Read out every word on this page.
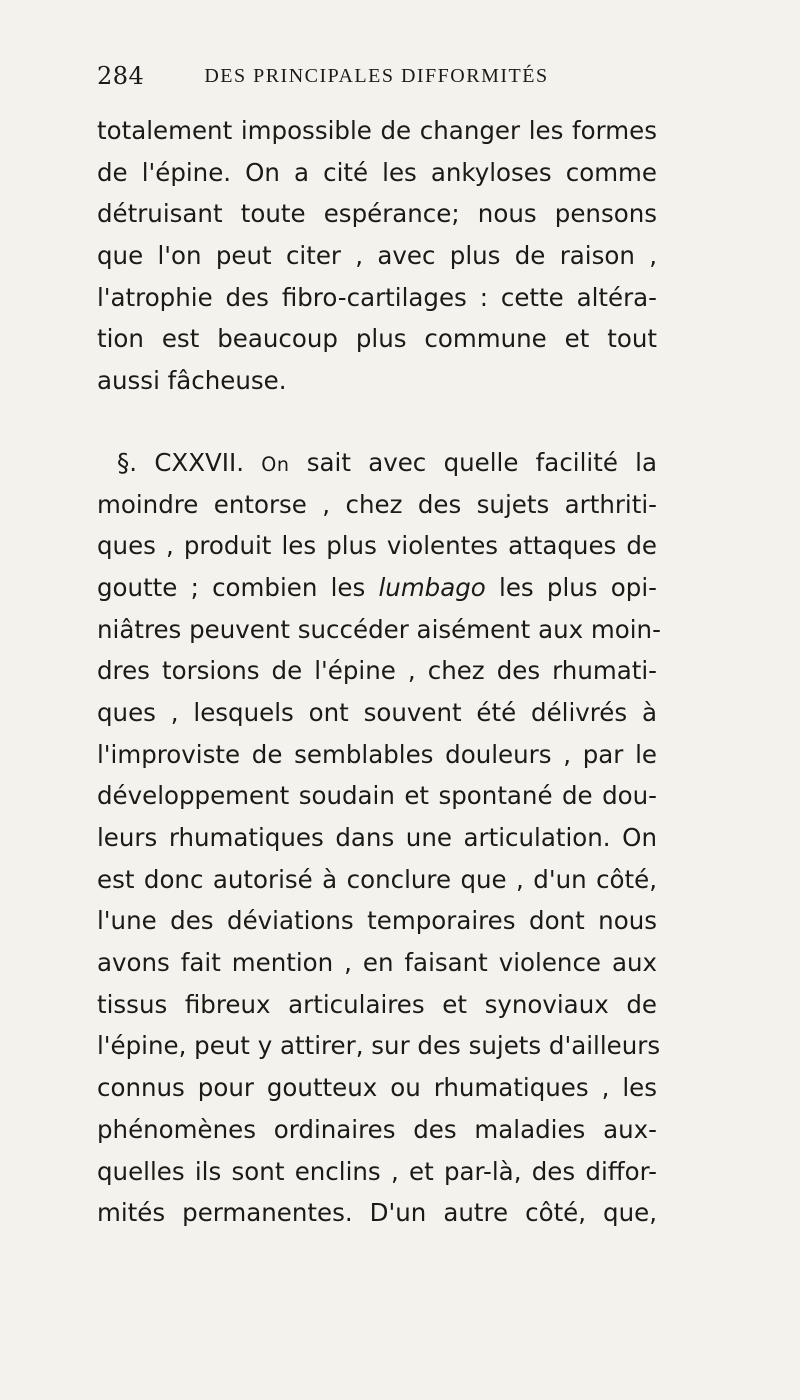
284	DES PRINCIPALES DIFFORMITÉS
totalement impossible de changer les formes
de l'épine. On a cité les ankyloses comme
détruisant toute espérance; nous pensons
que l'on peut citer , avec plus de raison ,
l'atrophie des fibro-cartilages : cette altéra-
tion est beaucoup plus commune et tout
aussi fâcheuse.
§. CXXVII. On sait avec quelle facilité la
moindre entorse , chez des sujets arthriti-
ques , produit les plus violentes attaques de
goutte ; combien les lumbago les plus opi-
niâtres peuvent succéder aisément aux moin-
dres torsions de l'épine , chez des rhumati-
ques , lesquels ont souvent été délivrés à
l'improviste de semblables douleurs , par le
développement soudain et spontané de dou-
leurs rhumatiques dans une articulation. On
est donc autorisé à conclure que , d'un côté,
l'une des déviations temporaires dont nous
avons fait mention , en faisant violence aux
tissus fibreux articulaires et synoviaux de
l'épine, peut y attirer, sur des sujets d'ailleurs
connus pour goutteux ou rhumatiques , les
phénomènes ordinaires des maladies aux-
quelles ils sont enclins , et par-là, des diffor-
mités permanentes. D'un autre côté, que,
